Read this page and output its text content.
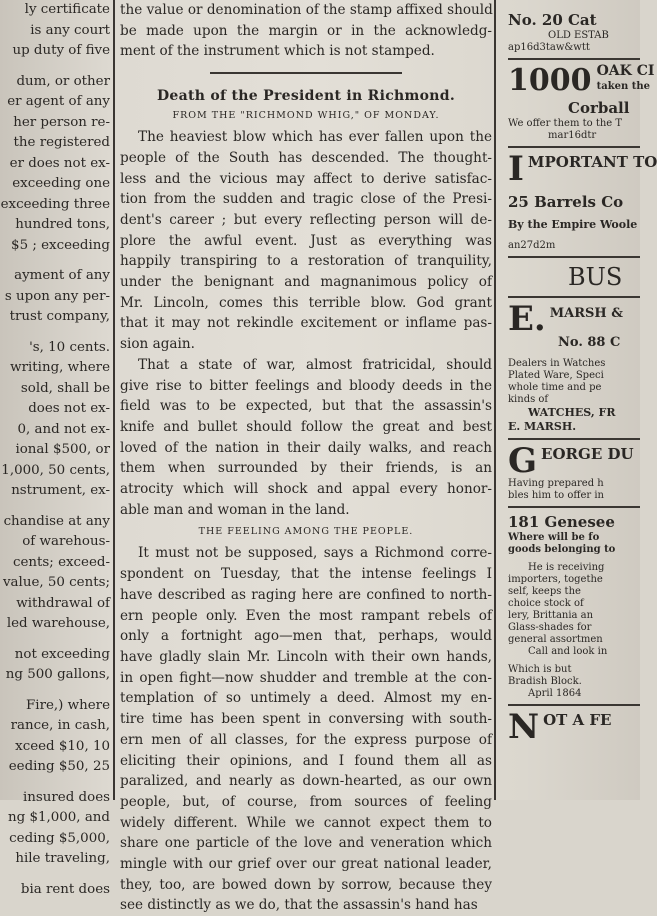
ly certificate

is any court

up duty of five

dum, or other

er agent of any

her person re-

the registered

er does not ex-

exceeding one

exceeding three

hundred tons,

$5 ; exceeding

ayment of any

s upon any per-

trust company,

's, 10 cents.

writing, where

sold, shall be

does not ex-

0, and not ex-

ional $500, or

1,000, 50 cents,

nstrument, ex-

chandise at any

of warehous-

cents; exceed-

value, 50 cents;

withdrawal of

led warehouse,

not exceeding

ng 500 gallons,

Fire,) where

rance, in cash,

xceed $10, 10

eeding $50, 25

insured does

ng $1,000, and

ceding $5,000,

hile traveling,

bia rent does

the value or denomination of the stamp affixed should

be made upon the margin or in the acknowledg-

ment of the instrument which is not stamped.

Death of the President in Richmond.
FROM THE "RICHMOND WHIG," OF MONDAY.

The heaviest blow which has ever fallen upon the

people of the South has descended. The thought-

less and the vicious may affect to derive satisfac-

tion from the sudden and tragic close of the Presi-

dent's career ; but every reflecting person will de-

plore the awful event. Just as everything was

happily transpiring to a restoration of tranquility,

under the benignant and magnanimous policy of

Mr. Lincoln, comes this terrible blow. God grant

that it may not rekindle excitement or inflame pas-

sion again.

That a state of war, almost fratricidal, should

give rise to bitter feelings and bloody deeds in the

field was to be expected, but that the assassin's

knife and bullet should follow the great and best

loved of the nation in their daily walks, and reach

them when surrounded by their friends, is an

atrocity which will shock and appal every honor-

able man and woman in the land.

THE FEELING AMONG THE PEOPLE.

It must not be supposed, says a Richmond corre-

spondent on Tuesday, that the intense feelings I

have described as raging here are confined to north-

ern people only. Even the most rampant rebels of

only a fortnight ago—men that, perhaps, would

have gladly slain Mr. Lincoln with their own hands,

in open fight—now shudder and tremble at the con-

templation of so untimely a deed. Almost my en-

tire time has been spent in conversing with south-

ern men of all classes, for the express purpose of

eliciting their opinions, and I found them all as

paralized, and nearly as down-hearted, as our own

people, but, of course, from sources of feeling

widely different. While we cannot expect them to

share one particle of the love and veneration which

mingle with our grief over our great national leader,

they, too, are bowed down by sorrow, because they

see distinctly as we do, that the assassin's hand has

No. 20 Cat
OLD ESTAB
ap16d3taw&wtt
1000 OAK CI
taken the
Corball
We offer them to the T
mar16dtr
IMPORTANT TO
25 Barrels Co
By the Empire Woole
an27d2m
BUS
E. MARSH &
No. 88 C
Dealers in Watches
Plated Ware, Speci
whole time and pe
kinds of
WATCHES, FR
E. MARSH.
GEORGE DU
Having prepared h
bles him to offer in
181 Genesee
Where will be fo
goods belonging to
He is receiving
importers, togethe
self, keeps the
choice stock of
lery, Brittania an
Glass-shades for
general assortmen
Call and look in
Which is but
Bradish Block.
April 1864
NOT A FE
